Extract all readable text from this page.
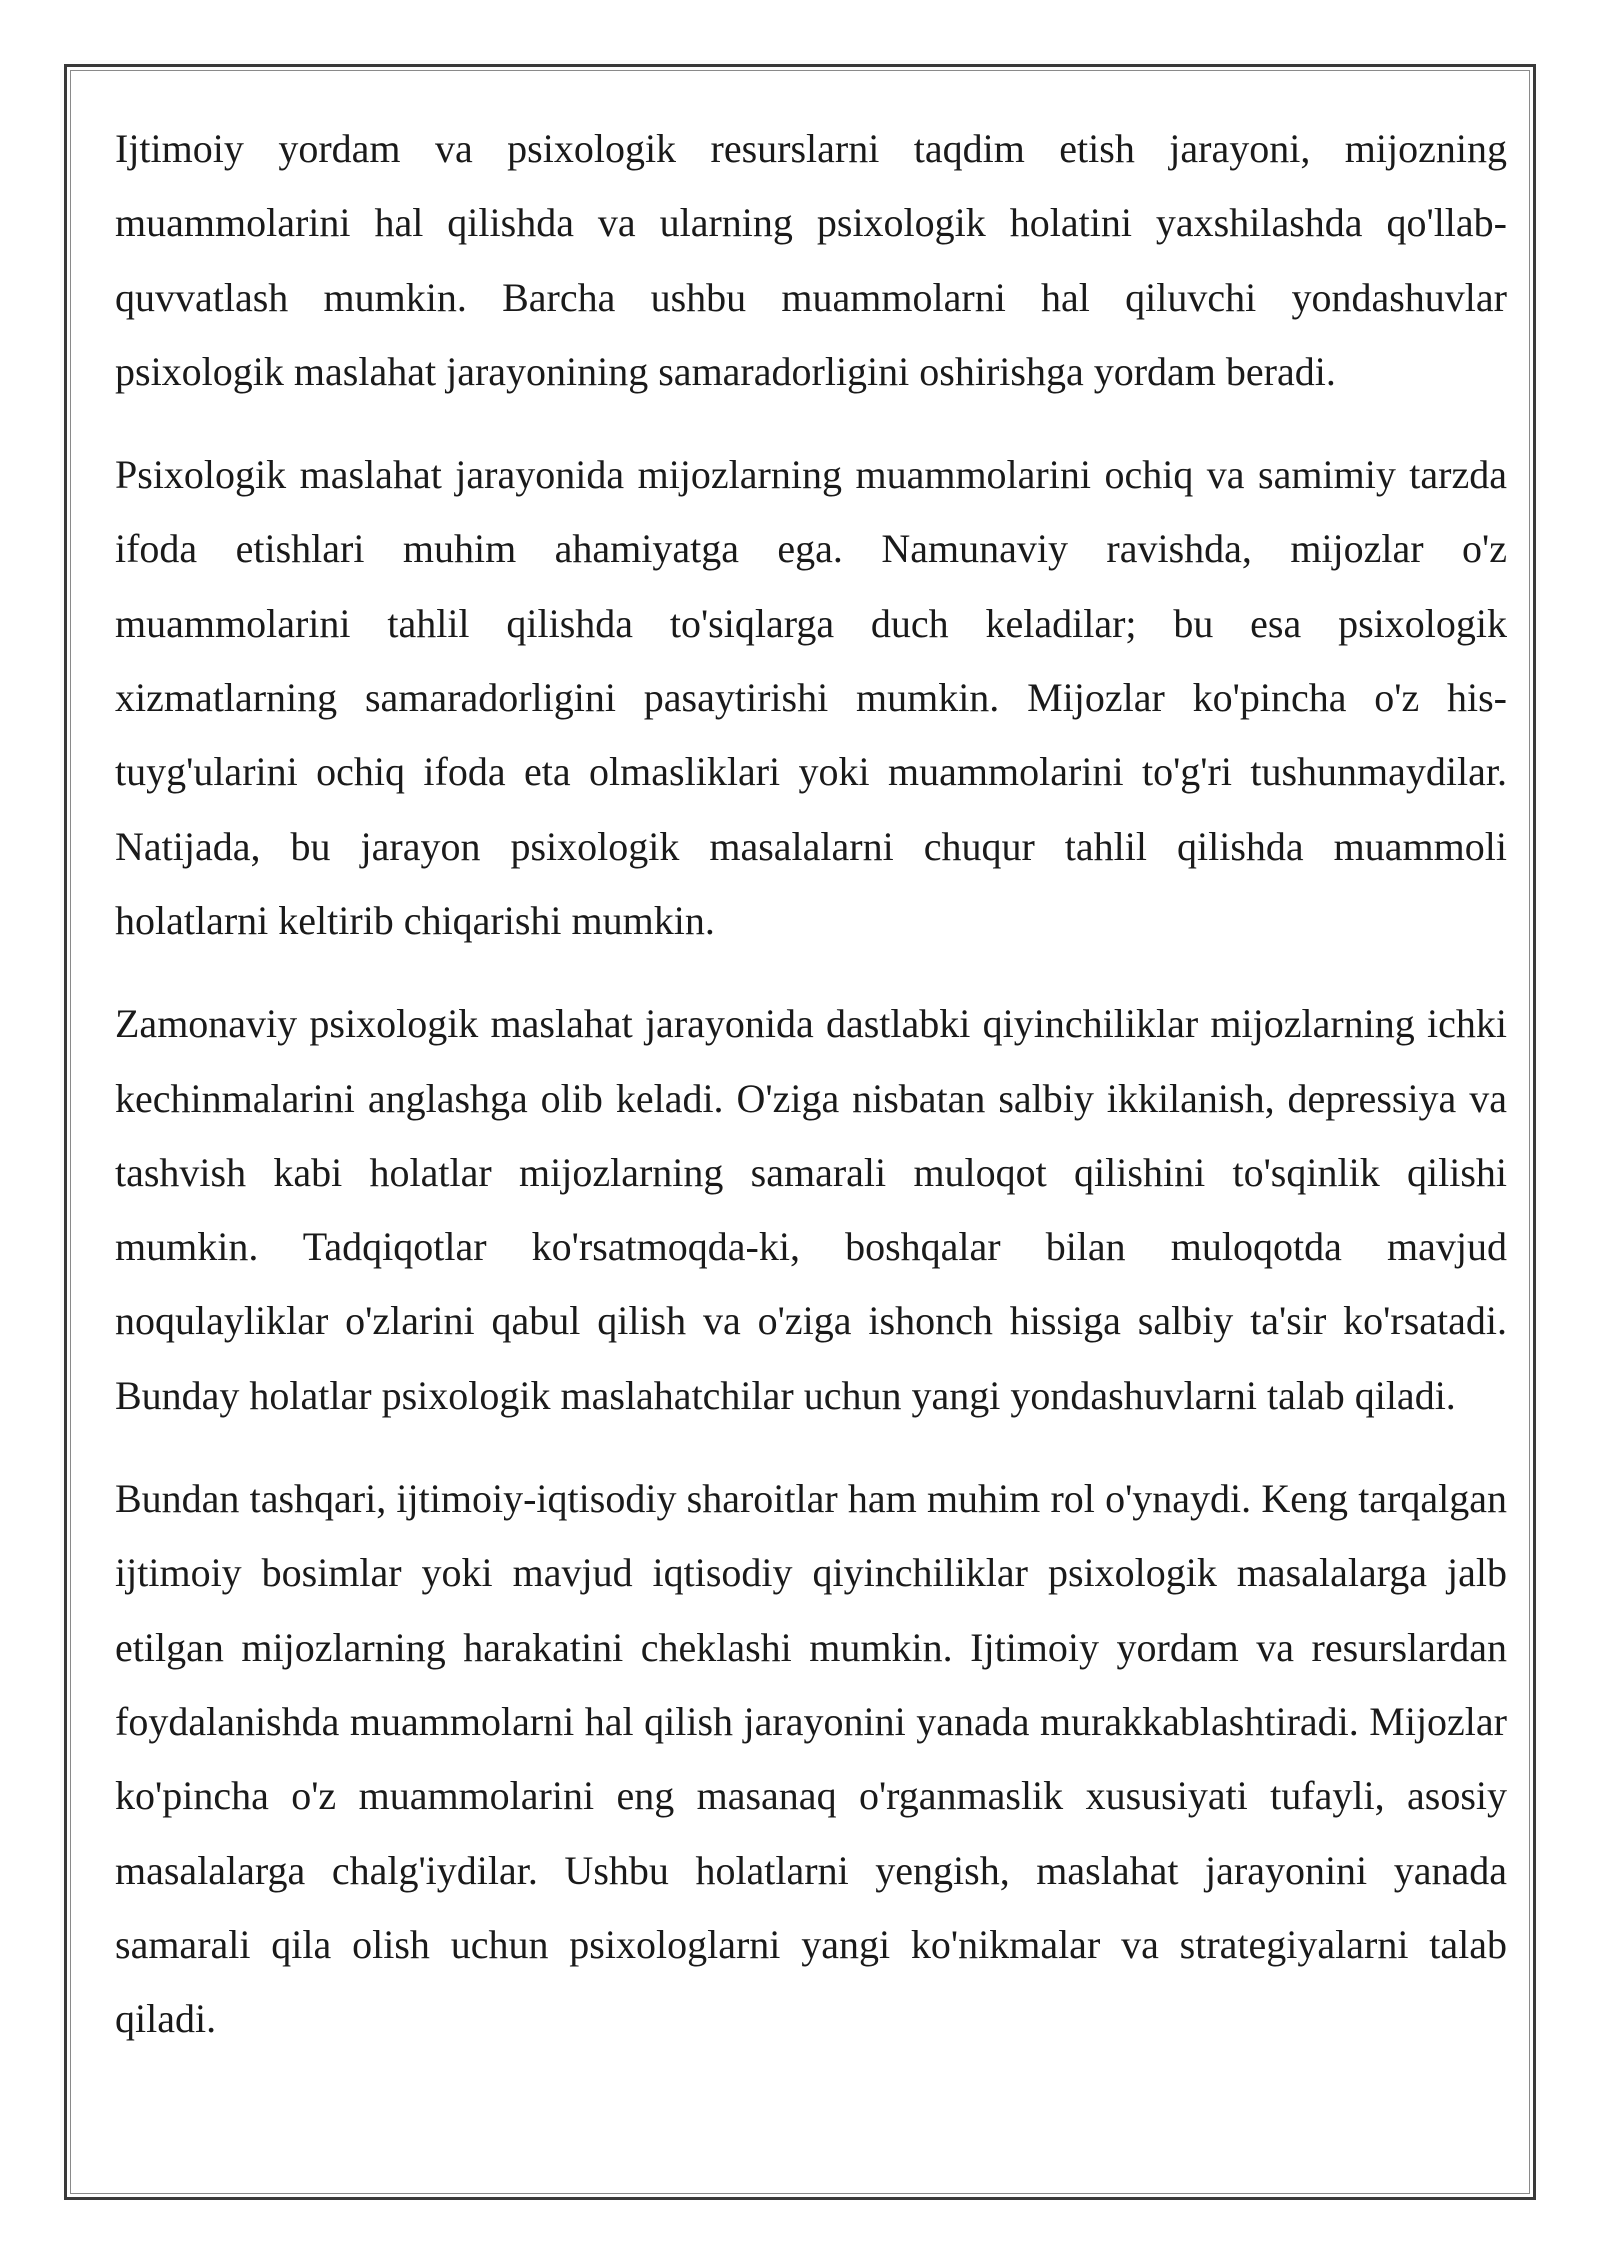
Ijtimoiy yordam va psixologik resurslarni taqdim etish jarayoni, mijozning muammolarini hal qilishda va ularning psixologik holatini yaxshilashda qo'llab-quvvatlash mumkin. Barcha ushbu muammolarni hal qiluvchi yondashuvlar psixologik maslahat jarayonining samaradorligini oshirishga yordam beradi.

Psixologik maslahat jarayonida mijozlarning muammolarini ochiq va samimiy tarzda ifoda etishlari muhim ahamiyatga ega. Namunaviy ravishda, mijozlar o'z muammolarini tahlil qilishda to'siqlarga duch keladilar; bu esa psixologik xizmatlarning samaradorligini pasaytirishi mumkin. Mijozlar ko'pincha o'z his-tuyg'ularini ochiq ifoda eta olmasliklari yoki muammolarini to'g'ri tushunmaydilar. Natijada, bu jarayon psixologik masalalarni chuqur tahlil qilishda muammoli holatlarni keltirib chiqarishi mumkin.

Zamonaviy psixologik maslahat jarayonida dastlabki qiyinchiliklar mijozlarning ichki kechinmalarini anglashga olib keladi. O'ziga nisbatan salbiy ikkilanish, depressiya va tashvish kabi holatlar mijozlarning samarali muloqot qilishini to'sqinlik qilishi mumkin. Tadqiqotlar ko'rsatmoqda-ki, boshqalar bilan muloqotda mavjud noqulayliklar o'zlarini qabul qilish va o'ziga ishonch hissiga salbiy ta'sir ko'rsatadi. Bunday holatlar psixologik maslahatchilar uchun yangi yondashuvlarni talab qiladi.

Bundan tashqari, ijtimoiy-iqtisodiy sharoitlar ham muhim rol o'ynaydi. Keng tarqalgan ijtimoiy bosimlar yoki mavjud iqtisodiy qiyinchiliklar psixologik masalalarga jalb etilgan mijozlarning harakatini cheklashi mumkin. Ijtimoiy yordam va resurslardan foydalanishda muammolarni hal qilish jarayonini yanada murakkablashtiradi. Mijozlar ko'pincha o'z muammolarini eng masanaq o'rganmaslik xususiyati tufayli, asosiy masalalarga chalg'iydilar. Ushbu holatlarni yengish, maslahat jarayonini yanada samarali qila olish uchun psixologlarni yangi ko'nikmalar va strategiyalarni talab qiladi.
